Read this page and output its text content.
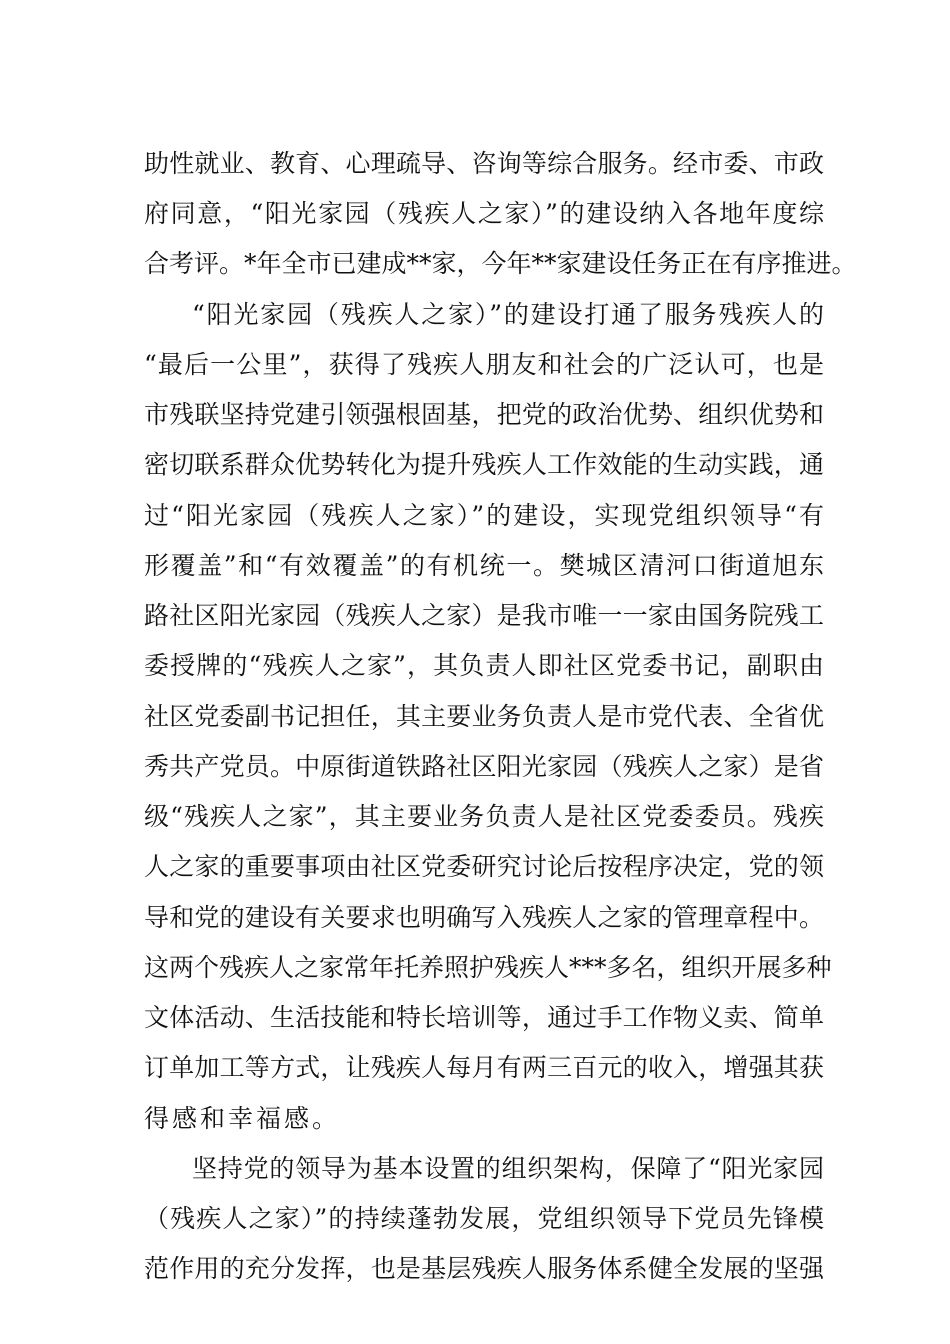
助性就业、教育、心理疏导、咨询等综合服务。经市委、市政
府同意，“阳光家园（残疾人之家）”的建设纳入各地年度综
合考评。*年全市已建成**家，今年**家建设任务正在有序推进。
“阳光家园（残疾人之家）”的建设打通了服务残疾人的
“最后一公里”，获得了残疾人朋友和社会的广泛认可，也是
市残联坚持党建引领强根固基，把党的政治优势、组织优势和
密切联系群众优势转化为提升残疾人工作效能的生动实践，通
过“阳光家园（残疾人之家）”的建设，实现党组织领导“有
形覆盖”和“有效覆盖”的有机统一。樊城区清河口街道旭东
路社区阳光家园（残疾人之家）是我市唯一一家由国务院残工
委授牌的“残疾人之家”，其负责人即社区党委书记，副职由
社区党委副书记担任，其主要业务负责人是市党代表、全省优
秀共产党员。中原街道铁路社区阳光家园（残疾人之家）是省
级“残疾人之家”，其主要业务负责人是社区党委委员。残疾
人之家的重要事项由社区党委研究讨论后按程序决定，党的领
导和党的建设有关要求也明确写入残疾人之家的管理章程中。
这两个残疾人之家常年托养照护残疾人***多名，组织开展多种
文体活动、生活技能和特长培训等，通过手工作物义卖、简单
订单加工等方式，让残疾人每月有两三百元的收入，增强其获
得感和幸福感。
坚持党的领导为基本设置的组织架构，保障了“阳光家园
（残疾人之家）”的持续蓬勃发展，党组织领导下党员先锋模
范作用的充分发挥，也是基层残疾人服务体系健全发展的坚强
